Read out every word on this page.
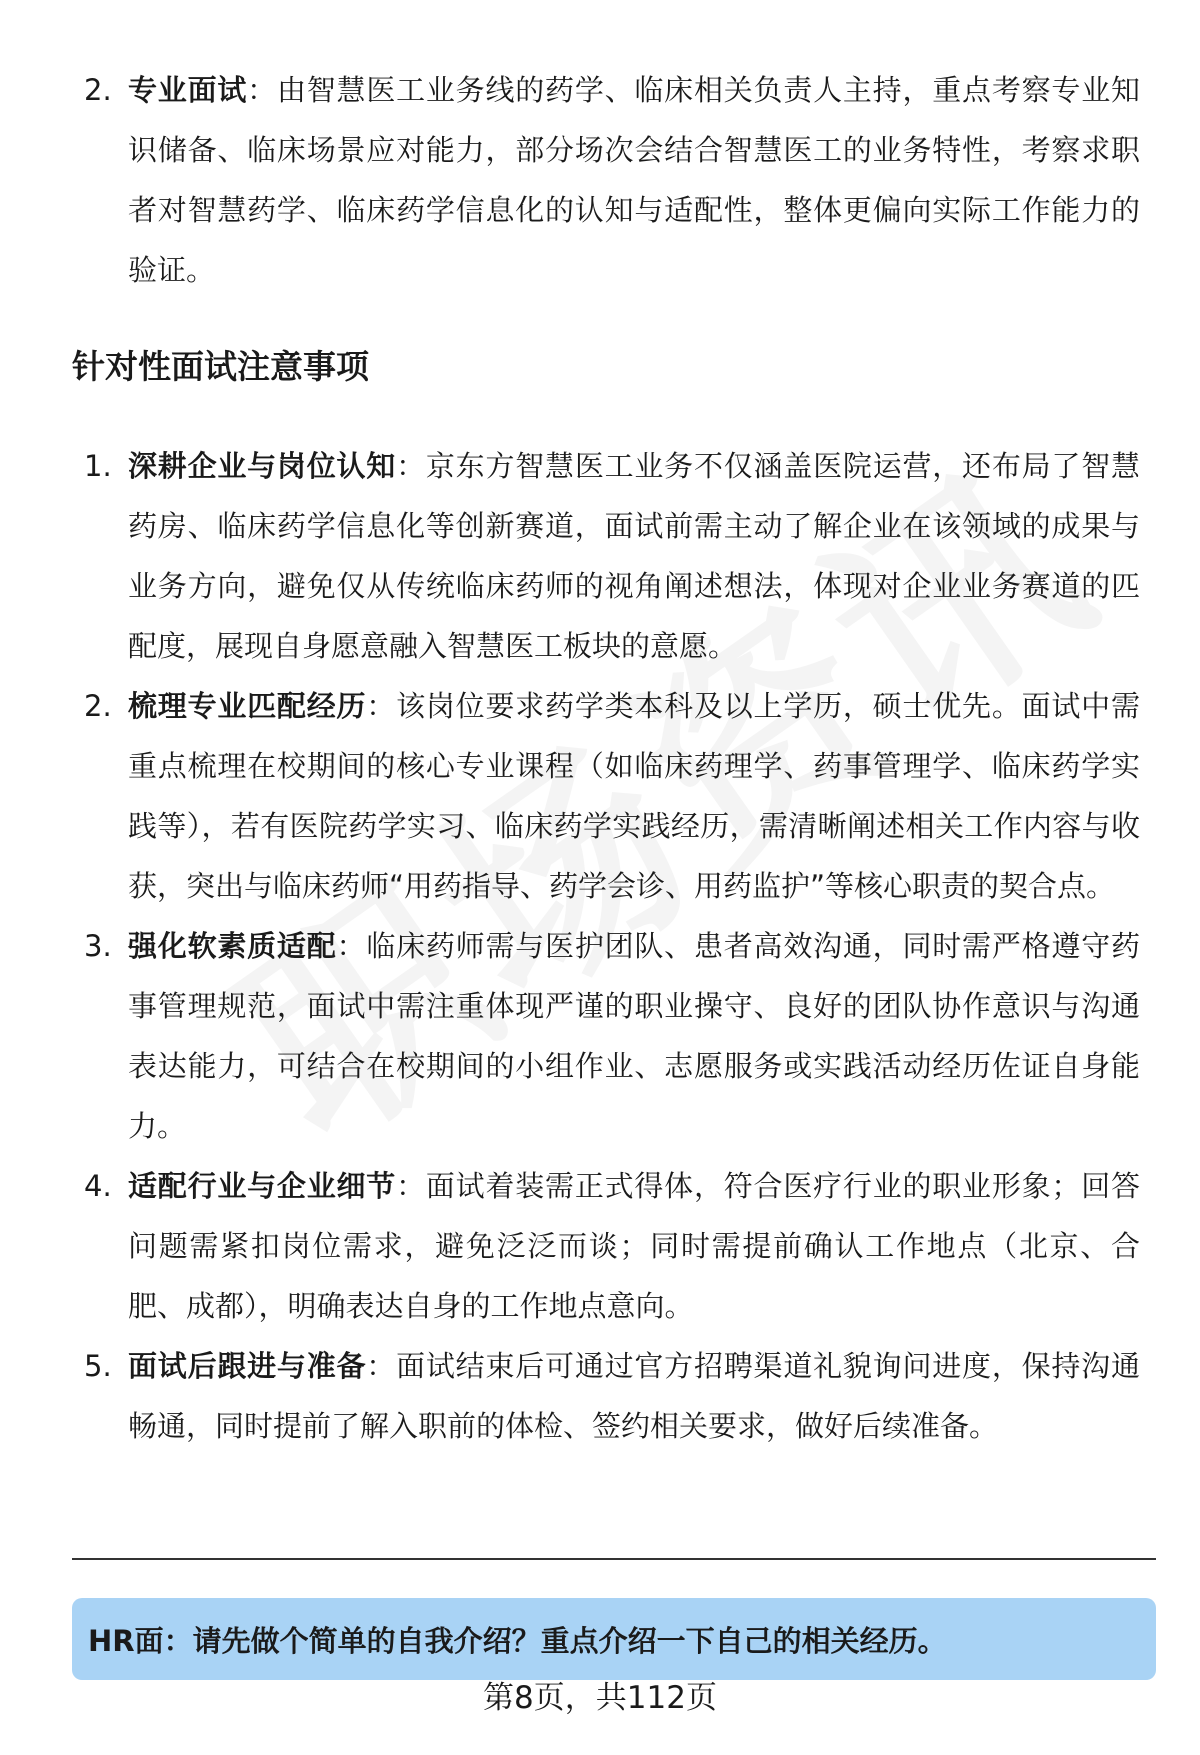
2. 专业面试：由智慧医工业务线的药学、临床相关负责人主持，重点考察专业知识储备、临床场景应对能力，部分场次会结合智慧医工的业务特性，考察求职者对智慧药学、临床药学信息化的认知与适配性，整体更偏向实际工作能力的验证。
针对性面试注意事项
1. 深耕企业与岗位认知：京东方智慧医工业务不仅涵盖医院运营，还布局了智慧药房、临床药学信息化等创新赛道，面试前需主动了解企业在该领域的成果与业务方向，避免仅从传统临床药师的视角阐述想法，体现对企业业务赛道的匹配度，展现自身愿意融入智慧医工板块的意愿。
2. 梳理专业匹配经历：该岗位要求药学类本科及以上学历，硕士优先。面试中需重点梳理在校期间的核心专业课程（如临床药理学、药事管理学、临床药学实践等），若有医院药学实习、临床药学实践经历，需清晰阐述相关工作内容与收获，突出与临床药师“用药指导、药学会诊、用药监护”等核心职责的契合点。
3. 强化软素质适配：临床药师需与医护团队、患者高效沟通，同时需严格遵守药事管理规范，面试中需注重体现严谨的职业操守、良好的团队协作意识与沟通表达能力，可结合在校期间的小组作业、志愿服务或实践活动经历佐证自身能力。
4. 适配行业与企业细节：面试着装需正式得体，符合医疗行业的职业形象；回答问题需紧扣岗位需求，避免泛泛而谈；同时需提前确认工作地点（北京、合肥、成都），明确表达自身的工作地点意向。
5. 面试后跟进与准备：面试结束后可通过官方招聘渠道礼貌询问进度，保持沟通畅通，同时提前了解入职前的体检、签约相关要求，做好后续准备。
HR面：请先做个简单的自我介绍？重点介绍一下自己的相关经历。
第8页，共112页
